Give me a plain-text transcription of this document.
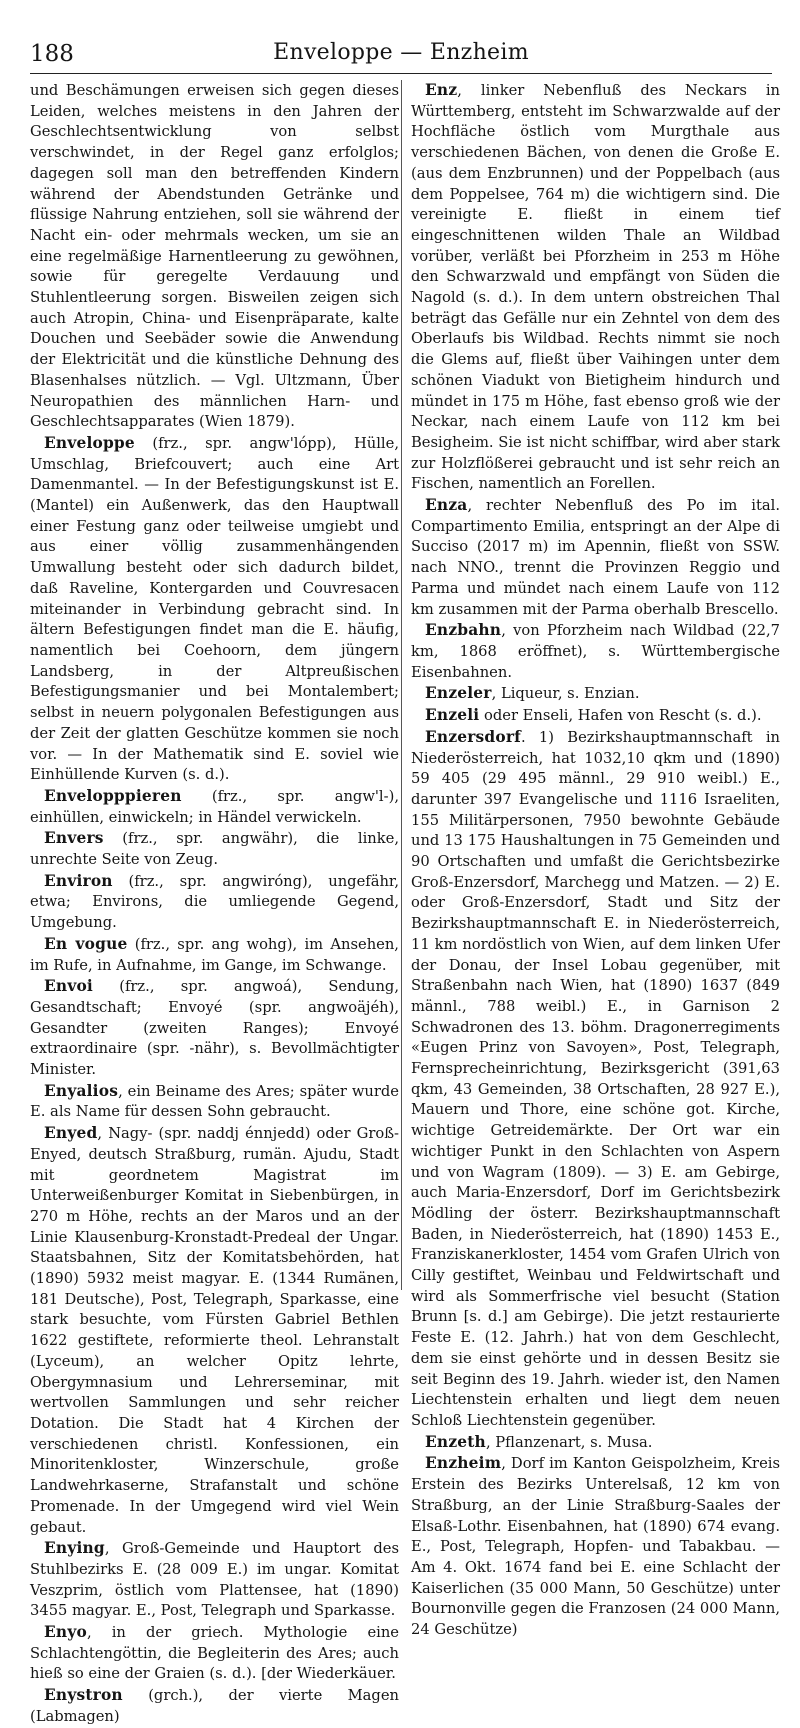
188	Enveloppe — Enzheim

und Beschämungen erweisen sich gegen dieses Leiden, welches meistens in den Jahren der Geschlechtsentwicklung von selbst verschwindet, in der Regel ganz erfolglos; dagegen soll man den betreffenden Kindern während der Abendstunden Getränke und flüssige Nahrung entziehen, soll sie während der Nacht ein- oder mehrmals wecken, um sie an eine regelmäßige Harnentleerung zu gewöhnen, sowie für geregelte Verdauung und Stuhlentleerung sorgen. Bisweilen zeigen sich auch Atropin, China- und Eisenpräparate, kalte Douchen und Seebäder sowie die Anwendung der Elektricität und die künstliche Dehnung des Blasenhalses nützlich. — Vgl. Ultzmann, Über Neuropathien des männlichen Harn- und Geschlechtsapparates (Wien 1879).

Enveloppe (frz., spr. angw'lópp), Hülle, Umschlag, Briefcouvert; auch eine Art Damenmantel. — In der Befestigungskunst ist E. (Mantel) ein Außenwerk, das den Hauptwall einer Festung ganz oder teilweise umgiebt und aus einer völlig zusammenhängenden Umwallung besteht oder sich dadurch bildet, daß Raveline, Kontergarden und Couvresacen miteinander in Verbindung gebracht sind. In ältern Befestigungen findet man die E. häufig, namentlich bei Coehoorn, dem jüngern Landsberg, in der Altpreußischen Befestigungsmanier und bei Montalembert; selbst in neuern polygonalen Befestigungen aus der Zeit der glatten Geschütze kommen sie noch vor. — In der Mathematik sind E. soviel wie Einhüllende Kurven (s. d.).

Envelopppieren (frz., spr. angw'l-), einhüllen, einwickeln; in Händel verwickeln.

Envers (frz., spr. angwähr), die linke, unrechte Seite von Zeug.

Environ (frz., spr. angwiróng), ungefähr, etwa; Environs, die umliegende Gegend, Umgebung.

En vogue (frz., spr. ang wohg), im Ansehen, im Rufe, in Aufnahme, im Gange, im Schwange.

Envoi (frz., spr. angwoá), Sendung, Gesandtschaft; Envoyé (spr. angwoäjéh), Gesandter (zweiten Ranges); Envoyé extraordinaire (spr. -nähr), s. Bevollmächtigter Minister.

Enyalios, ein Beiname des Ares; später wurde E. als Name für dessen Sohn gebraucht.

Enyed, Nagy- (spr. naddj énnjedd) oder Groß-Enyed, deutsch Straßburg, rumän. Ajudu, Stadt mit geordnetem Magistrat im Unterweißenburger Komitat in Siebenbürgen, in 270 m Höhe, rechts an der Maros und an der Linie Klausenburg-Kronstadt-Predeal der Ungar. Staatsbahnen, Sitz der Komitatsbehörden, hat (1890) 5932 meist magyar. E. (1344 Rumänen, 181 Deutsche), Post, Telegraph, Sparkasse, eine stark besuchte, vom Fürsten Gabriel Bethlen 1622 gestiftete, reformierte theol. Lehranstalt (Lyceum), an welcher Opitz lehrte, Obergymnasium und Lehrerseminar, mit wertvollen Sammlungen und sehr reicher Dotation. Die Stadt hat 4 Kirchen der verschiedenen christl. Konfessionen, ein Minoritenkloster, Winzerschule, große Landwehrkaserne, Strafanstalt und schöne Promenade. In der Umgegend wird viel Wein gebaut.

Enying, Groß-Gemeinde und Hauptort des Stuhlbezirks E. (28 009 E.) im ungar. Komitat Veszprim, östlich vom Plattensee, hat (1890) 3455 magyar. E., Post, Telegraph und Sparkasse.

Enyo, in der griech. Mythologie eine Schlachtengöttin, die Begleiterin des Ares; auch hieß so eine der Graien (s. d.). [der Wiederkäuer.

Enystron (grch.), der vierte Magen (Labmagen)

Enz, linker Nebenfluß des Neckars in Württemberg, entsteht im Schwarzwalde auf der Hochfläche östlich vom Murgthale aus verschiedenen Bächen, von denen die Große E. (aus dem Enzbrunnen) und der Poppelbach (aus dem Poppelsee, 764 m) die wichtigern sind. Die vereinigte E. fließt in einem tief eingeschnittenen wilden Thale an Wildbad vorüber, verläßt bei Pforzheim in 253 m Höhe den Schwarzwald und empfängt von Süden die Nagold (s. d.). In dem untern obstreichen Thal beträgt das Gefälle nur ein Zehntel von dem des Oberlaufs bis Wildbad. Rechts nimmt sie noch die Glems auf, fließt über Vaihingen unter dem schönen Viadukt von Bietigheim hindurch und mündet in 175 m Höhe, fast ebenso groß wie der Neckar, nach einem Laufe von 112 km bei Besigheim. Sie ist nicht schiffbar, wird aber stark zur Holzflößerei gebraucht und ist sehr reich an Fischen, namentlich an Forellen.

Enza, rechter Nebenfluß des Po im ital. Compartimento Emilia, entspringt an der Alpe di Succiso (2017 m) im Apennin, fließt von SSW. nach NNO., trennt die Provinzen Reggio und Parma und mündet nach einem Laufe von 112 km zusammen mit der Parma oberhalb Brescello.

Enzbahn, von Pforzheim nach Wildbad (22,7 km, 1868 eröffnet), s. Württembergische Eisenbahnen.

Enzeler, Liqueur, s. Enzian.

Enzeli oder Enseli, Hafen von Rescht (s. d.).

Enzersdorf. 1) Bezirkshauptmannschaft in Niederösterreich, hat 1032,10 qkm und (1890) 59 405 (29 495 männl., 29 910 weibl.) E., darunter 397 Evangelische und 1116 Israeliten, 155 Militärpersonen, 7950 bewohnte Gebäude und 13 175 Haushaltungen in 75 Gemeinden und 90 Ortschaften und umfaßt die Gerichtsbezirke Groß-Enzersdorf, Marchegg und Matzen. — 2) E. oder Groß-Enzersdorf, Stadt und Sitz der Bezirkshauptmannschaft E. in Niederösterreich, 11 km nordöstlich von Wien, auf dem linken Ufer der Donau, der Insel Lobau gegenüber, mit Straßenbahn nach Wien, hat (1890) 1637 (849 männl., 788 weibl.) E., in Garnison 2 Schwadronen des 13. böhm. Dragonerregiments «Eugen Prinz von Savoyen», Post, Telegraph, Fernsprecheinrichtung, Bezirksgericht (391,63 qkm, 43 Gemeinden, 38 Ortschaften, 28 927 E.), Mauern und Thore, eine schöne got. Kirche, wichtige Getreidemärkte. Der Ort war ein wichtiger Punkt in den Schlachten von Aspern und von Wagram (1809). — 3) E. am Gebirge, auch Maria-Enzersdorf, Dorf im Gerichtsbezirk Mödling der österr. Bezirkshauptmannschaft Baden, in Niederösterreich, hat (1890) 1453 E., Franziskanerkloster, 1454 vom Grafen Ulrich von Cilly gestiftet, Weinbau und Feldwirtschaft und wird als Sommerfrische viel besucht (Station Brunn [s. d.] am Gebirge). Die jetzt restaurierte Feste E. (12. Jahrh.) hat von dem Geschlecht, dem sie einst gehörte und in dessen Besitz sie seit Beginn des 19. Jahrh. wieder ist, den Namen Liechtenstein erhalten und liegt dem neuen Schloß Liechtenstein gegenüber.

Enzeth, Pflanzenart, s. Musa.

Enzheim, Dorf im Kanton Geispolzheim, Kreis Erstein des Bezirks Unterelsaß, 12 km von Straßburg, an der Linie Straßburg-Saales der Elsaß-Lothr. Eisenbahnen, hat (1890) 674 evang. E., Post, Telegraph, Hopfen- und Tabakbau. — Am 4. Okt. 1674 fand bei E. eine Schlacht der Kaiserlichen (35 000 Mann, 50 Geschütze) unter Bournonville gegen die Franzosen (24 000 Mann, 24 Geschütze)
